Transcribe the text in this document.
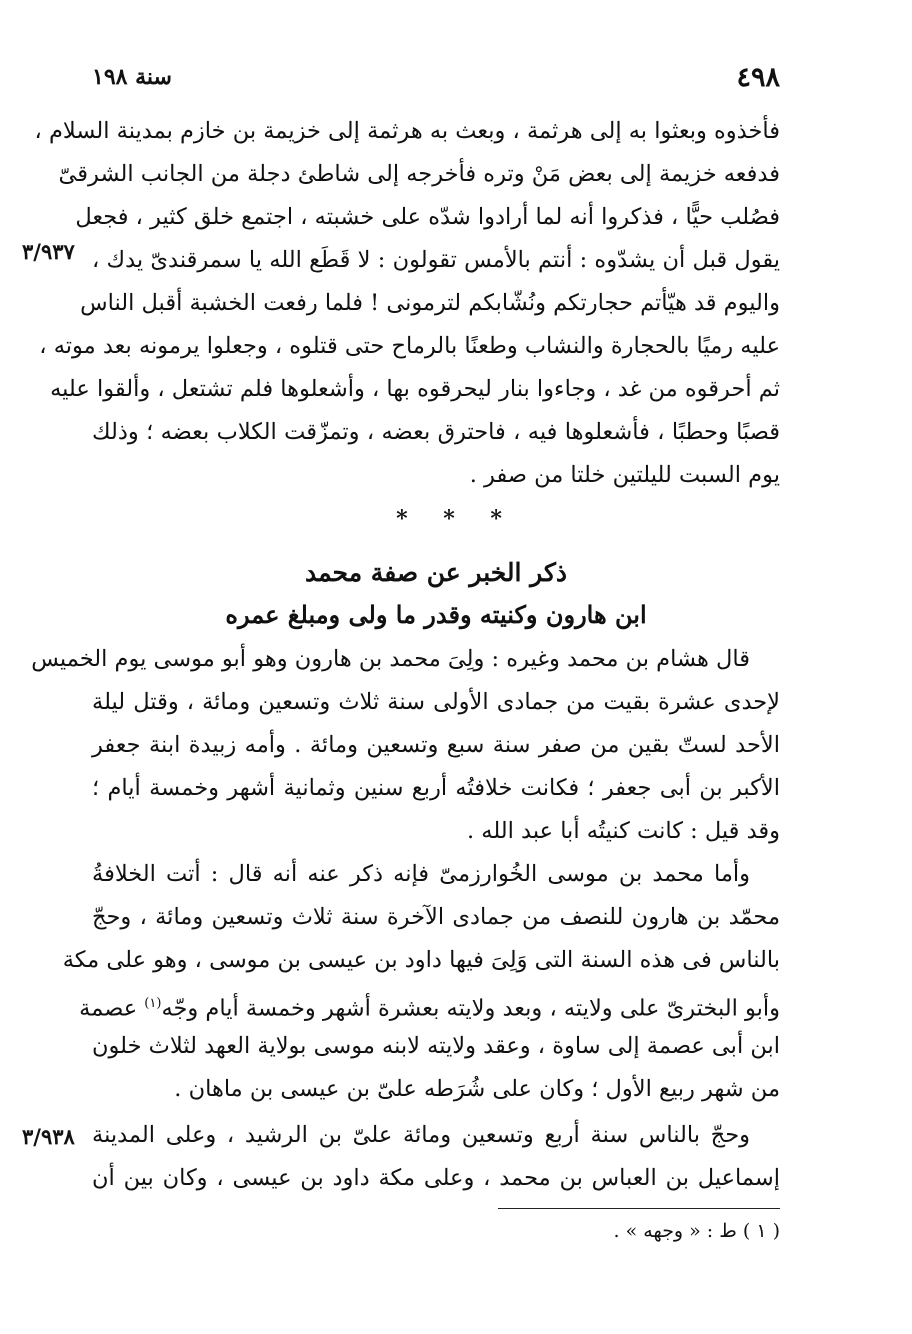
٤٩٨
سنة ١٩٨
٣/٩٣٧
٣/٩٣٨
فأخذوه وبعثوا به إلى هرثمة ، وبعث به هرثمة إلى خزيمة بن خازم بمدينة السلام ،
فدفعه خزيمة إلى بعض مَنْ وتره فأخرجه إلى شاطئ دجلة من الجانب الشرقىّ
فصُلب حيًّا ، فذكروا أنه لما أرادوا شدّه على خشبته ، اجتمع خلق كثير ، فجعل
يقول قبل أن يشدّوه : أنتم بالأمس تقولون : لا قَطَع الله يا سمرقندىّ يدك ،
واليوم قد هيّأتم حجارتكم ونُشّابكم لترمونى ! فلما رفعت الخشبة أقبل الناس
عليه رميًا بالحجارة والنشاب وطعنًا بالرماح حتى قتلوه ، وجعلوا يرمونه بعد موته ،
ثم أحرقوه من غد ، وجاءوا بنار ليحرقوه بها ، وأشعلوها فلم تشتعل ، وألقوا عليه
قصبًا وحطبًا ، فأشعلوها فيه ، فاحترق بعضه ، وتمزّقت الكلاب بعضه ؛ وذلك
يوم السبت لليلتين خلتا من صفر .
* * *
ذكر الخبر عن صفة محمد
ابن هارون وكنيته وقدر ما ولى ومبلغ عمره
قال هشام بن محمد وغيره : ولِىَ محمد بن هارون وهو أبو موسى يوم الخميس
لإحدى عشرة بقيت من جمادى الأولى سنة ثلاث وتسعين ومائة ، وقتل ليلة
الأحد لستّ بقين من صفر سنة سبع وتسعين ومائة . وأمه زبيدة ابنة جعفر
الأكبر بن أبى جعفر ؛ فكانت خلافتُه أربع سنين وثمانية أشهر وخمسة أيام ؛
وقد قيل : كانت كنيتُه أبا عبد الله .
وأما محمد بن موسى الخُوارزمىّ فإنه ذكر عنه أنه قال : أتت الخلافةُ
محمّد بن هارون للنصف من جمادى الآخرة سنة ثلاث وتسعين ومائة ، وحجّ
بالناس فى هذه السنة التى وَلِىَ فيها داود بن عيسى بن موسى ، وهو على مكة
وأبو البخترىّ على ولايته ، وبعد ولايته بعشرة أشهر وخمسة أيام وجّه$^{(١)}$ عصمة
ابن أبى عصمة إلى ساوة ، وعقد ولايته لابنه موسى بولاية العهد لثلاث خلون
من شهر ربيع الأول ؛ وكان على شُرَطه علىّ بن عيسى بن ماهان .
وحجّ بالناس سنة أربع وتسعين ومائة علىّ بن الرشيد ، وعلى المدينة
إسماعيل بن العباس بن محمد ، وعلى مكة داود بن عيسى ، وكان بين أن
( ١ ) ط : « وجهه » .
